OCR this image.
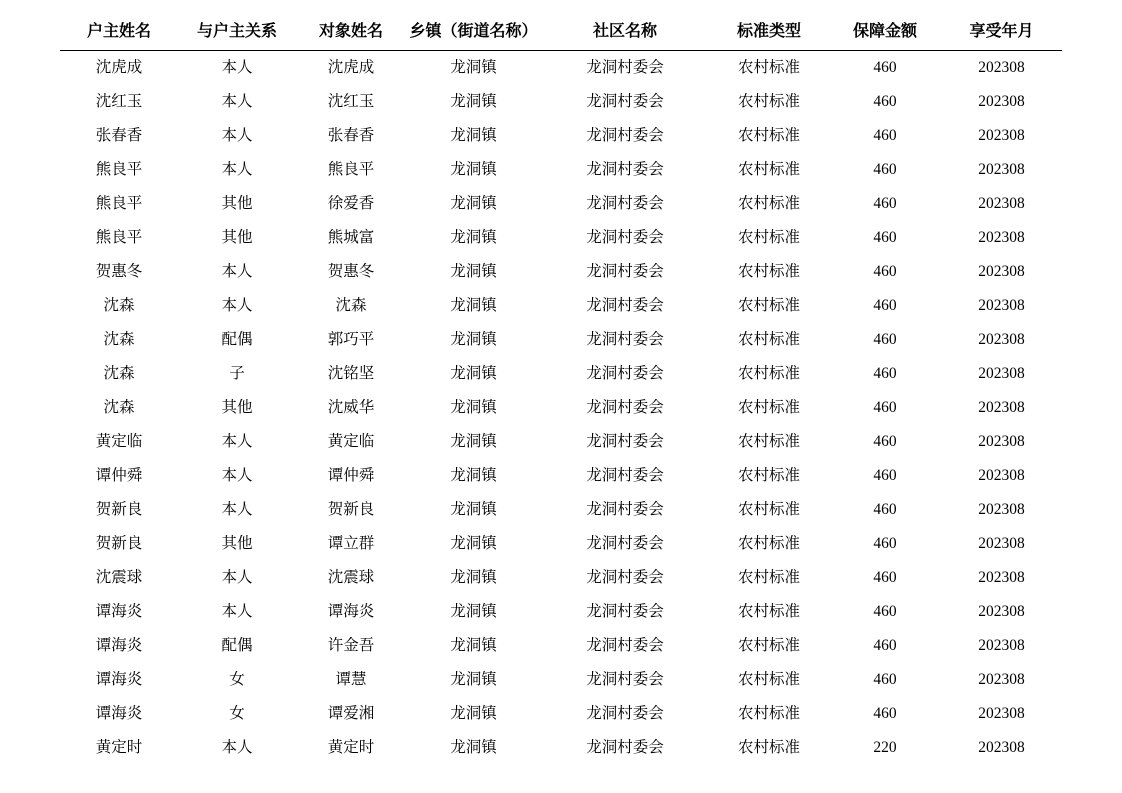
户主姓名	与户主关系	对象姓名	乡镇（街道名称）	社区名称	标准类型	保障金额	享受年月
沈虎成	本人	沈虎成	龙洞镇	龙洞村委会	农村标准	460	202308
沈红玉	本人	沈红玉	龙洞镇	龙洞村委会	农村标准	460	202308
张春香	本人	张春香	龙洞镇	龙洞村委会	农村标准	460	202308
熊良平	本人	熊良平	龙洞镇	龙洞村委会	农村标准	460	202308
熊良平	其他	徐爱香	龙洞镇	龙洞村委会	农村标准	460	202308
熊良平	其他	熊城富	龙洞镇	龙洞村委会	农村标准	460	202308
贺惠冬	本人	贺惠冬	龙洞镇	龙洞村委会	农村标准	460	202308
沈森	本人	沈森	龙洞镇	龙洞村委会	农村标准	460	202308
沈森	配偶	郭巧平	龙洞镇	龙洞村委会	农村标准	460	202308
沈森	子	沈铭坚	龙洞镇	龙洞村委会	农村标准	460	202308
沈森	其他	沈威华	龙洞镇	龙洞村委会	农村标准	460	202308
黄定临	本人	黄定临	龙洞镇	龙洞村委会	农村标准	460	202308
谭仲舜	本人	谭仲舜	龙洞镇	龙洞村委会	农村标准	460	202308
贺新良	本人	贺新良	龙洞镇	龙洞村委会	农村标准	460	202308
贺新良	其他	谭立群	龙洞镇	龙洞村委会	农村标准	460	202308
沈震球	本人	沈震球	龙洞镇	龙洞村委会	农村标准	460	202308
谭海炎	本人	谭海炎	龙洞镇	龙洞村委会	农村标准	460	202308
谭海炎	配偶	许金吾	龙洞镇	龙洞村委会	农村标准	460	202308
谭海炎	女	谭慧	龙洞镇	龙洞村委会	农村标准	460	202308
谭海炎	女	谭爱湘	龙洞镇	龙洞村委会	农村标准	460	202308
黄定时	本人	黄定时	龙洞镇	龙洞村委会	农村标准	220	202308
